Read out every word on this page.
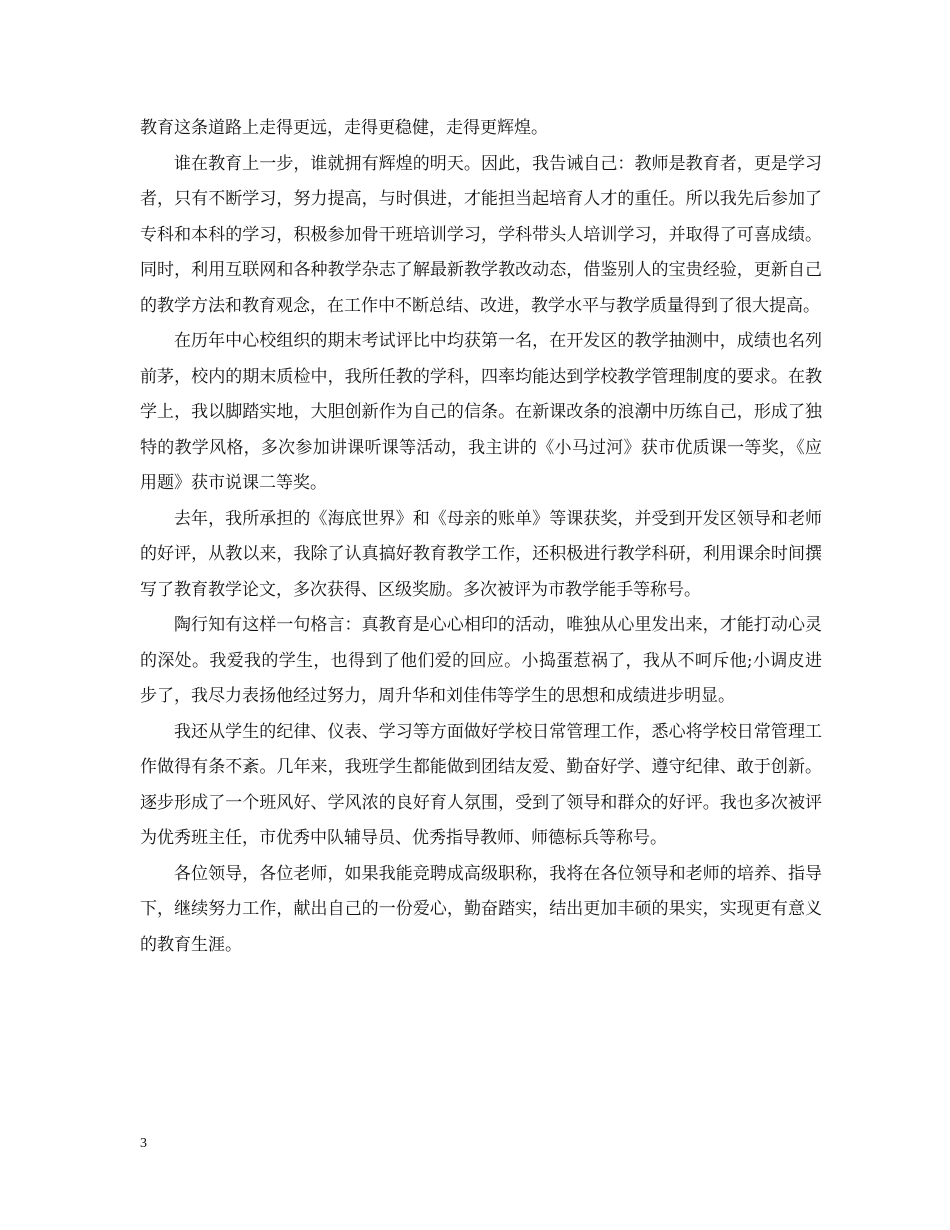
教育这条道路上走得更远，走得更稳健，走得更辉煌。

谁在教育上一步，谁就拥有辉煌的明天。因此，我告诫自己：教师是教育者，更是学习者，只有不断学习，努力提高，与时俱进，才能担当起培育人才的重任。所以我先后参加了专科和本科的学习，积极参加骨干班培训学习，学科带头人培训学习，并取得了可喜成绩。同时，利用互联网和各种教学杂志了解最新教学教改动态，借鉴别人的宝贵经验，更新自己的教学方法和教育观念，在工作中不断总结、改进，教学水平与教学质量得到了很大提高。

在历年中心校组织的期末考试评比中均获第一名，在开发区的教学抽测中，成绩也名列前茅，校内的期末质检中，我所任教的学科，四率均能达到学校教学管理制度的要求。在教学上，我以脚踏实地，大胆创新作为自己的信条。在新课改条的浪潮中历练自己，形成了独特的教学风格，多次参加讲课听课等活动，我主讲的《小马过河》获市优质课一等奖，《应用题》获市说课二等奖。

去年，我所承担的《海底世界》和《母亲的账单》等课获奖，并受到开发区领导和老师的好评，从教以来，我除了认真搞好教育教学工作，还积极进行教学科研，利用课余时间撰写了教育教学论文，多次获得、区级奖励。多次被评为市教学能手等称号。

陶行知有这样一句格言：真教育是心心相印的活动，唯独从心里发出来，才能打动心灵的深处。我爱我的学生，也得到了他们爱的回应。小捣蛋惹祸了，我从不呵斥他;小调皮进步了，我尽力表扬他经过努力，周升华和刘佳伟等学生的思想和成绩进步明显。

我还从学生的纪律、仪表、学习等方面做好学校日常管理工作，悉心将学校日常管理工作做得有条不紊。几年来，我班学生都能做到团结友爱、勤奋好学、遵守纪律、敢于创新。逐步形成了一个班风好、学风浓的良好育人氛围，受到了领导和群众的好评。我也多次被评为优秀班主任，市优秀中队辅导员、优秀指导教师、师德标兵等称号。

各位领导，各位老师，如果我能竞聘成高级职称，我将在各位领导和老师的培养、指导下，继续努力工作，献出自己的一份爱心，勤奋踏实，结出更加丰硕的果实，实现更有意义的教育生涯。

3
